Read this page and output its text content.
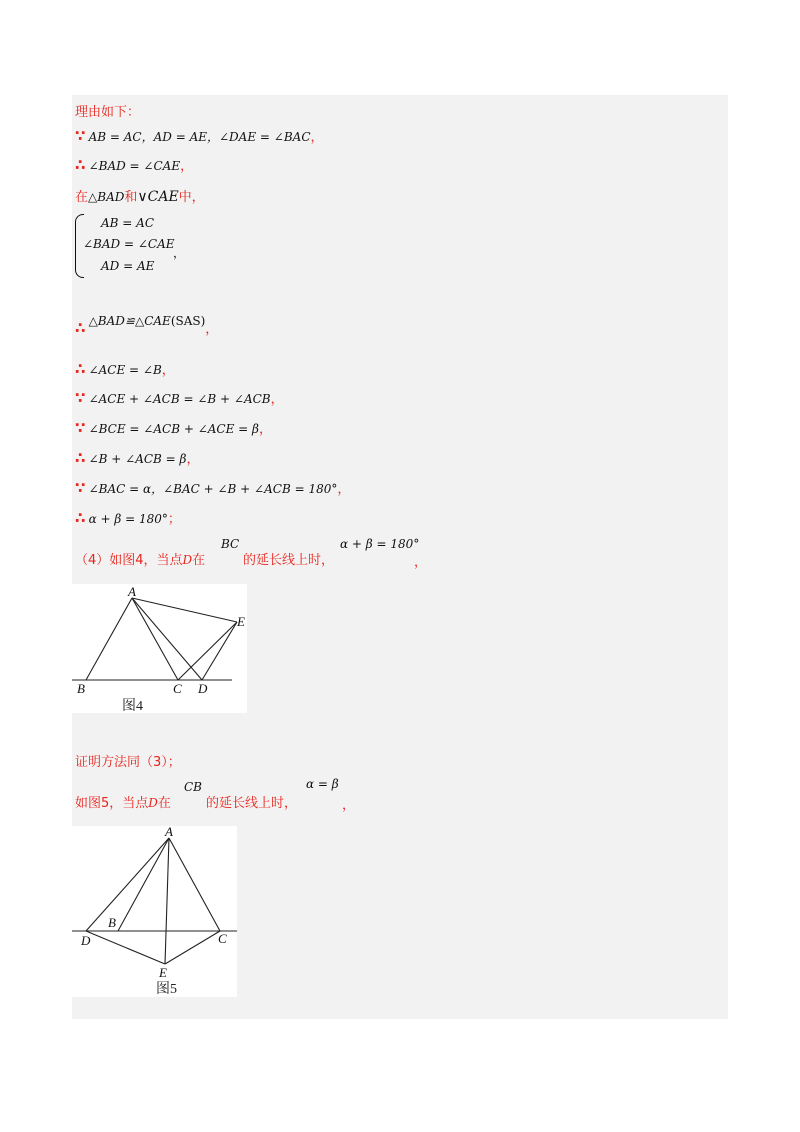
理由如下：
∵ AB = AC，AD = AE，∠DAE = ∠BAC，
∴ ∠BAD = ∠CAE，
在△BAD和∨CAE中，
AB = AC
∠BAD = ∠CAE
AD = AE
，
∴ △BAD≌△CAE(SAS)，
∴ ∠ACE = ∠B，
∵ ∠ACE + ∠ACB = ∠B + ∠ACB，
∵ ∠BCE = ∠ACB + ∠ACE = β，
∴ ∠B + ∠ACB = β，
∵ ∠BAC = α，∠BAC + ∠B + ∠ACB = 180°，
∴ α + β = 180°；
（4）如图4，当点D在
BC
的延长线上时，
α + β = 180°
，
A
B	C D
E
图4
证明方法同（3）；
如图5，当点D在
CB
的延长线上时，
α = β
，
A
B
C
D
E
图5
